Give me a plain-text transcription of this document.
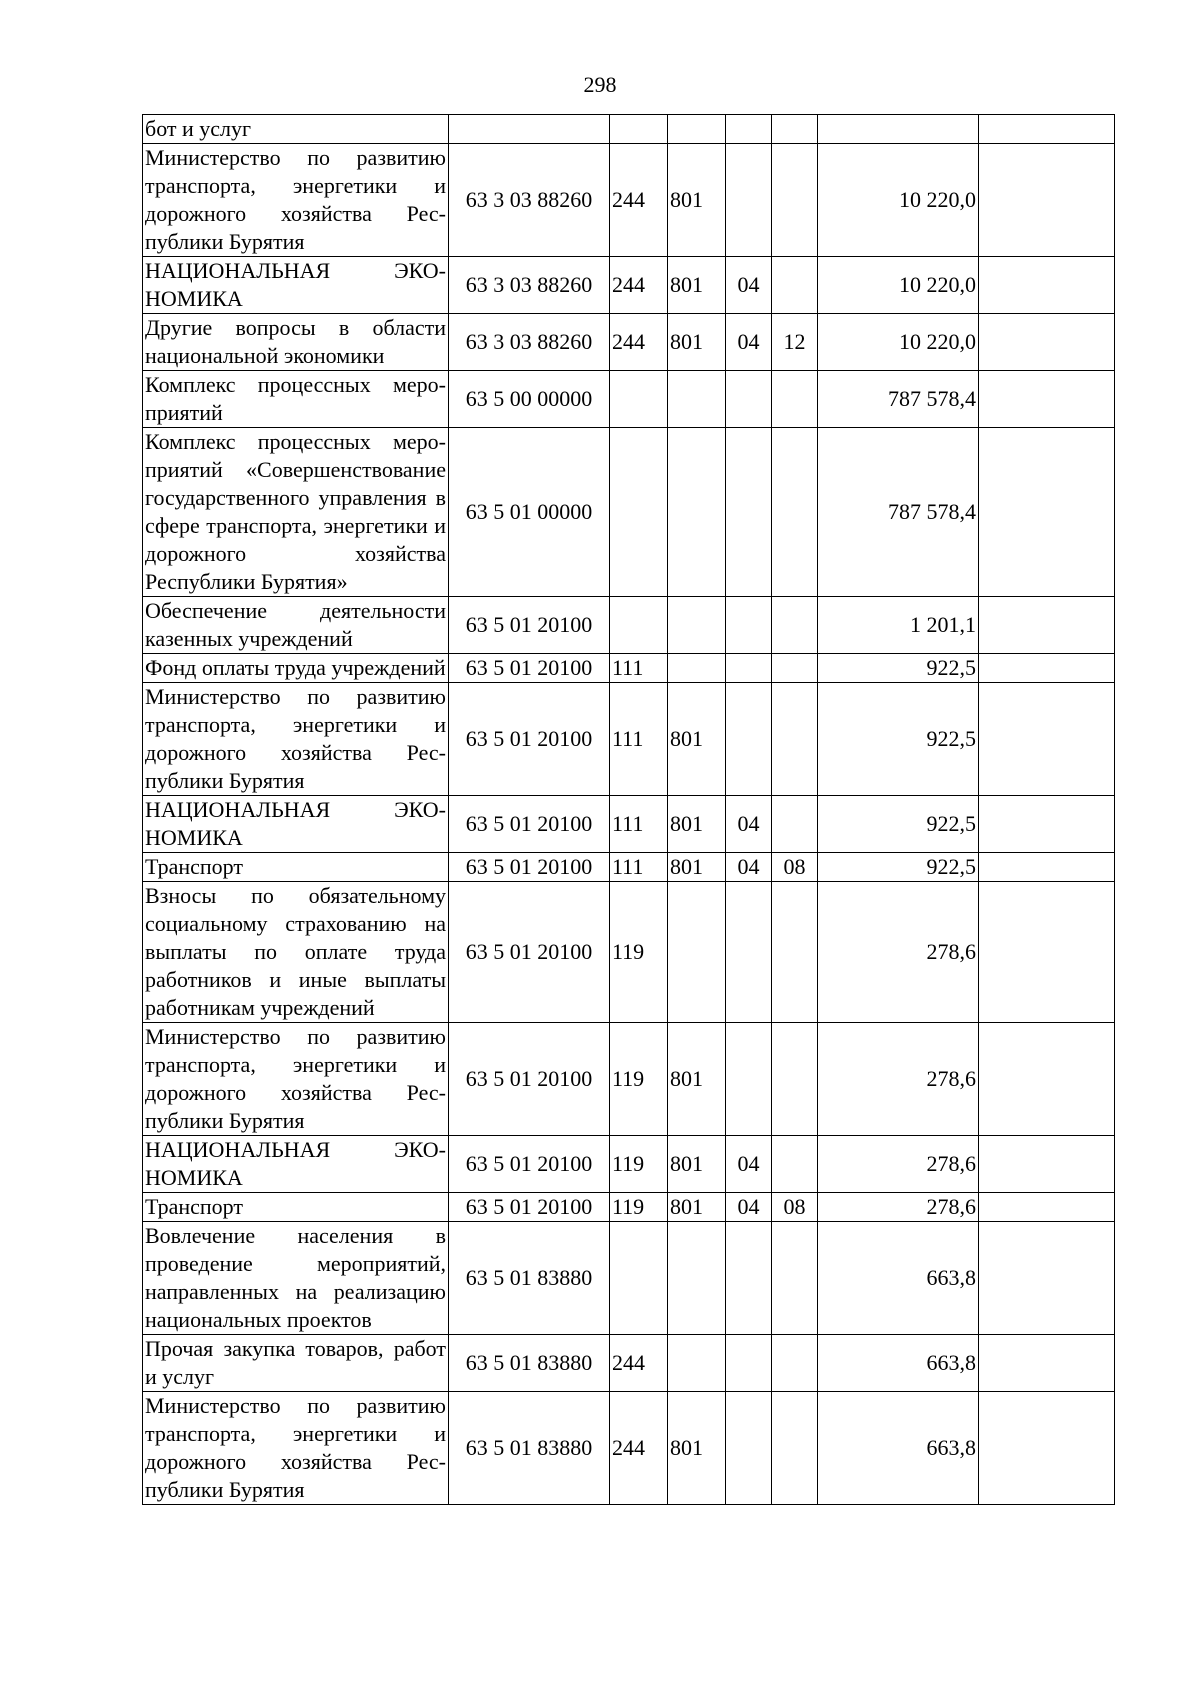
298
бот и услуг							
Министерство по развитию транспорта, энергетики и дорожного хозяйства Республики Бурятия	63 3 03 88260	244	801			10 220,0	
НАЦИОНАЛЬНАЯ ЭКОНОМИКА	63 3 03 88260	244	801	04		10 220,0	
Другие вопросы в области национальной экономики	63 3 03 88260	244	801	04	12	10 220,0	
Комплекс процессных мероприятий	63 5 00 00000					787 578,4	
Комплекс процессных мероприятий «Совершенствование государственного управления в сфере транспорта, энергетики и дорожного хозяйства Республики Бурятия»	63 5 01 00000					787 578,4	
Обеспечение деятельности казенных учреждений	63 5 01 20100					1 201,1	
Фонд оплаты труда учреждений	63 5 01 20100	111				922,5	
Министерство по развитию транспорта, энергетики и дорожного хозяйства Республики Бурятия	63 5 01 20100	111	801			922,5	
НАЦИОНАЛЬНАЯ ЭКОНОМИКА	63 5 01 20100	111	801	04		922,5	
Транспорт	63 5 01 20100	111	801	04	08	922,5	
Взносы по обязательному социальному страхованию на выплаты по оплате труда работников и иные выплаты работникам учреждений	63 5 01 20100	119				278,6	
Министерство по развитию транспорта, энергетики и дорожного хозяйства Республики Бурятия	63 5 01 20100	119	801			278,6	
НАЦИОНАЛЬНАЯ ЭКОНОМИКА	63 5 01 20100	119	801	04		278,6	
Транспорт	63 5 01 20100	119	801	04	08	278,6	
Вовлечение населения в проведение мероприятий, направленных на реализацию национальных проектов	63 5 01 83880					663,8	
Прочая закупка товаров, работ и услуг	63 5 01 83880	244				663,8	
Министерство по развитию транспорта, энергетики и дорожного хозяйства Республики Бурятия	63 5 01 83880	244	801			663,8	
